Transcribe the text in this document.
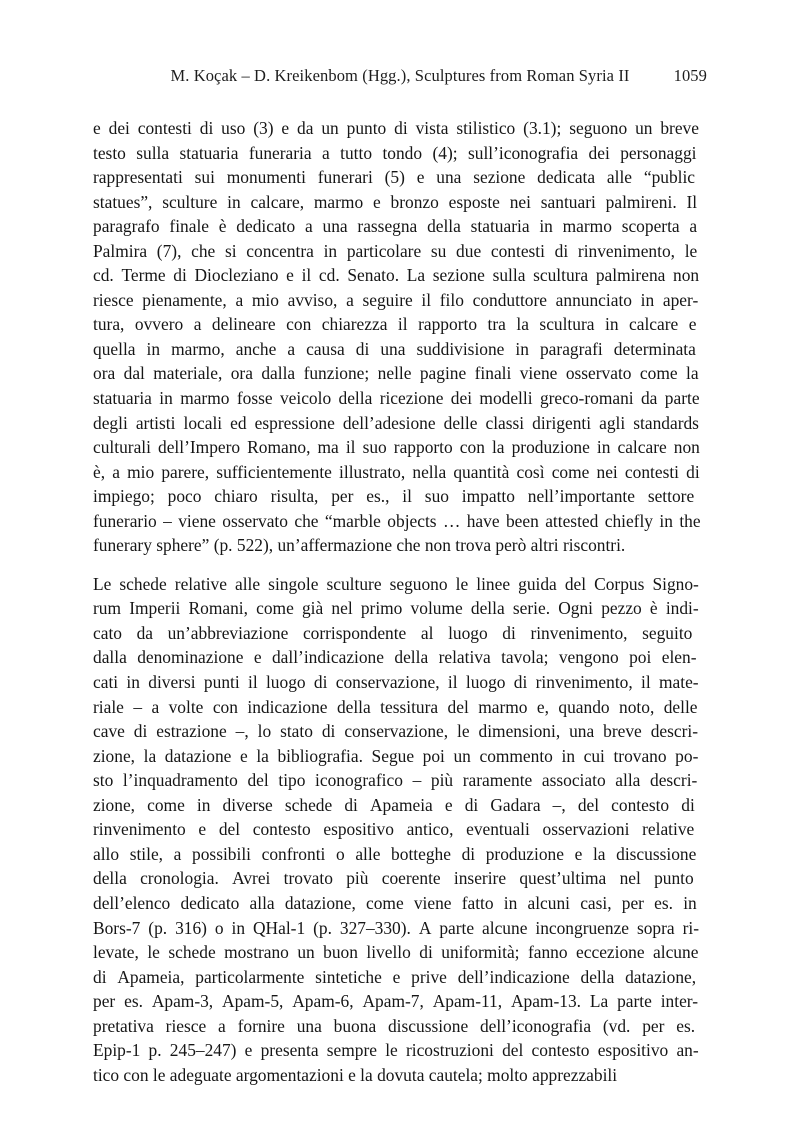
M. Koçak – D. Kreikenbom (Hgg.), Sculptures from Roman Syria II	1059

e dei contesti di uso (3) e da un punto di vista stilistico (3.1); seguono un breve
testo sulla statuaria funeraria a tutto tondo (4); sull’iconografia dei personaggi
rappresentati sui monumenti funerari (5) e una sezione dedicata alle “public
statues”, sculture in calcare, marmo e bronzo esposte nei santuari palmireni. Il
paragrafo finale è dedicato a una rassegna della statuaria in marmo scoperta a
Palmira (7), che si concentra in particolare su due contesti di rinvenimento, le
cd. Terme di Diocleziano e il cd. Senato. La sezione sulla scultura palmirena non
riesce pienamente, a mio avviso, a seguire il filo conduttore annunciato in aper-
tura, ovvero a delineare con chiarezza il rapporto tra la scultura in calcare e
quella in marmo, anche a causa di una suddivisione in paragrafi determinata
ora dal materiale, ora dalla funzione; nelle pagine finali viene osservato come la
statuaria in marmo fosse veicolo della ricezione dei modelli greco-romani da parte
degli artisti locali ed espressione dell’adesione delle classi dirigenti agli standards
culturali dell’Impero Romano, ma il suo rapporto con la produzione in calcare non
è, a mio parere, sufficientemente illustrato, nella quantità così come nei contesti di
impiego; poco chiaro risulta, per es., il suo impatto nell’importante settore
funerario – viene osservato che “marble objects … have been attested chiefly in the
funerary sphere” (p. 522), un’affermazione che non trova però altri riscontri.

Le schede relative alle singole sculture seguono le linee guida del Corpus Signo-
rum Imperii Romani, come già nel primo volume della serie. Ogni pezzo è indi-
cato da un’abbreviazione corrispondente al luogo di rinvenimento, seguito
dalla denominazione e dall’indicazione della relativa tavola; vengono poi elen-
cati in diversi punti il luogo di conservazione, il luogo di rinvenimento, il mate-
riale – a volte con indicazione della tessitura del marmo e, quando noto, delle
cave di estrazione –, lo stato di conservazione, le dimensioni, una breve descri-
zione, la datazione e la bibliografia. Segue poi un commento in cui trovano po-
sto l’inquadramento del tipo iconografico – più raramente associato alla descri-
zione, come in diverse schede di Apameia e di Gadara –, del contesto di
rinvenimento e del contesto espositivo antico, eventuali osservazioni relative
allo stile, a possibili confronti o alle botteghe di produzione e la discussione
della cronologia. Avrei trovato più coerente inserire quest’ultima nel punto
dell’elenco dedicato alla datazione, come viene fatto in alcuni casi, per es. in
Bors-7 (p. 316) o in QHal-1 (p. 327–330). A parte alcune incongruenze sopra ri-
levate, le schede mostrano un buon livello di uniformità; fanno eccezione alcune
di Apameia, particolarmente sintetiche e prive dell’indicazione della datazione,
per es. Apam-3, Apam-5, Apam-6, Apam-7, Apam-11, Apam-13. La parte inter-
pretativa riesce a fornire una buona discussione dell’iconografia (vd. per es.
Epip-1 p. 245–247) e presenta sempre le ricostruzioni del contesto espositivo an-
tico con le adeguate argomentazioni e la dovuta cautela; molto apprezzabili
